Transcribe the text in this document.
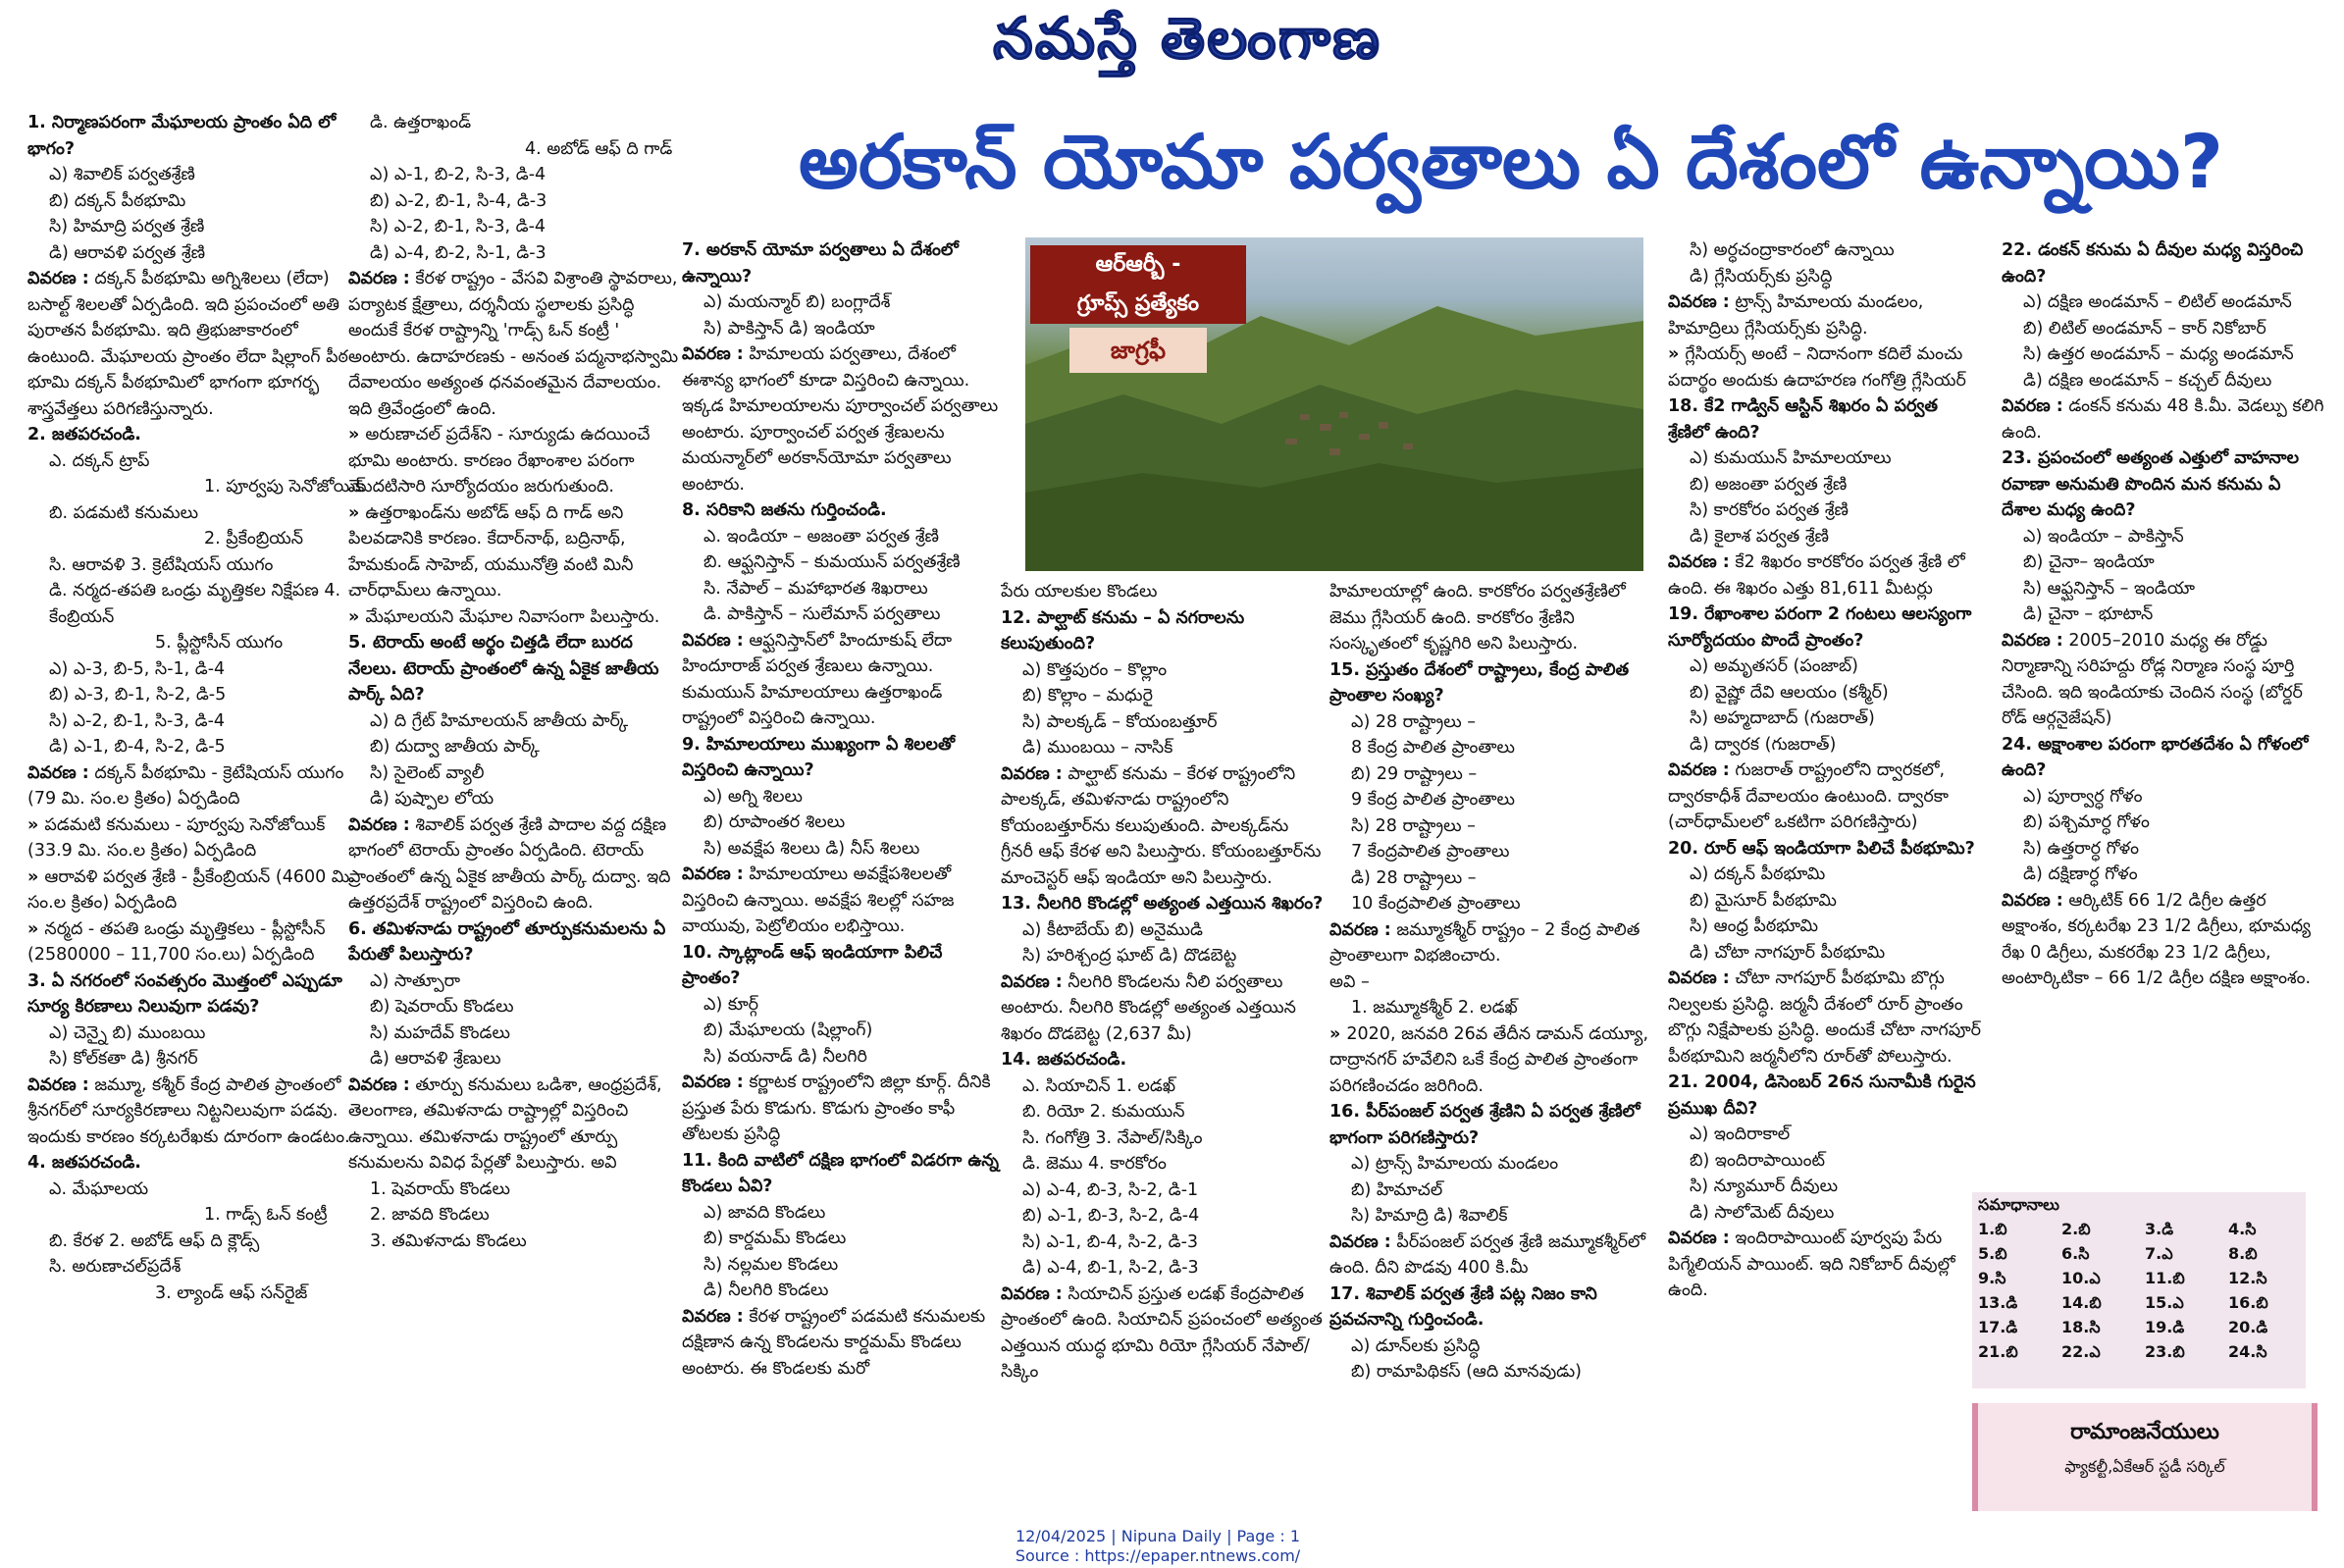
నమస్తే తెలంగాణ
అరకాన్ యోమా పర్వతాలు ఏ దేశంలో ఉన్నాయి?
ఆర్ఆర్బీ -
గ్రూప్స్ ప్రత్యేకం
జాగ్రఫీ

1. నిర్మాణపరంగా మేఘాలయ ప్రాంతం ఏది లో భాగం?

ఎ) శివాలిక్ పర్వతశ్రేణి

బి) దక్కన్ పీఠభూమి

సి) హిమాద్రి పర్వత శ్రేణి

డి) ఆరావళి పర్వత శ్రేణి

వివరణ : దక్కన్ పీఠభూమి అగ్నిశిలలు (లేదా) బసాల్ట్ శిలలతో ఏర్పడింది. ఇది ప్రపంచంలో అతి పురాతన పీఠభూమి. ఇది త్రిభుజాకారంలో ఉంటుంది. మేఘాలయ ప్రాంతం లేదా షిల్లాంగ్ పీఠ భూమి దక్కన్ పీఠభూమిలో భాగంగా భూగర్భ శాస్త్రవేత్తలు పరిగణిస్తున్నారు.

2. జతపరచండి.

ఎ. దక్కన్ ట్రాప్

1. పూర్వపు సెనోజోయిక్

బి. పడమటి కనుమలు

2. ప్రీకేంబ్రియన్

సి. ఆరావళి 3. క్రెటేషియస్ యుగం

డి. నర్మద-తపతి ఒండ్రు మృత్తికల నిక్షేపణ 4. కేంబ్రియన్

5. ప్లీస్టోసీన్ యుగం

ఎ) ఎ-3, బి-5, సి-1, డి-4

బి) ఎ-3, బి-1, సి-2, డి-5

సి) ఎ-2, బి-1, సి-3, డి-4

డి) ఎ-1, బి-4, సి-2, డి-5

వివరణ : దక్కన్ పీఠభూమి - క్రెటేషియస్ యుగం (79 మి. సం.ల క్రితం) ఏర్పడింది

» పడమటి కనుమలు - పూర్వపు సెనోజోయిక్ (33.9 మి. సం.ల క్రితం) ఏర్పడింది

» ఆరావళి పర్వత శ్రేణి - ప్రీకేంబ్రియన్ (4600 మి. సం.ల క్రితం) ఏర్పడింది

» నర్మద - తపతి ఒండ్రు మృత్తికలు - ప్లీస్టోసీన్ (2580000 – 11,700 సం.లు) ఏర్పడింది

3. ఏ నగరంలో సంవత్సరం మొత్తంలో ఎప్పుడూ సూర్య కిరణాలు నిలువుగా పడవు?

ఎ) చెన్నై బి) ముంబయి

సి) కోల్‌కతా డి) శ్రీనగర్

వివరణ : జమ్మూ, కశ్మీర్ కేంద్ర పాలిత ప్రాంతంలో శ్రీనగర్‌లో సూర్యకిరణాలు నిట్టనిలువుగా పడవు. ఇందుకు కారణం కర్కటరేఖకు దూరంగా ఉండటం.

4. జతపరచండి.

ఎ. మేఘాలయ

1. గాడ్స్ ఓన్ కంట్రీ

బి. కేరళ 2. అబోడ్ ఆఫ్ ది క్లౌడ్స్

సి. అరుణాచల్‌ప్రదేశ్

3. ల్యాండ్ ఆఫ్ సన్‌రైజ్

డి. ఉత్తరాఖండ్

4. అబోడ్ ఆఫ్ ది గాడ్

ఎ) ఎ-1, బి-2, సి-3, డి-4

బి) ఎ-2, బి-1, సి-4, డి-3

సి) ఎ-2, బి-1, సి-3, డి-4

డి) ఎ-4, బి-2, సి-1, డి-3

వివరణ : కేరళ రాష్ట్రం - వేసవి విశ్రాంతి స్థావరాలు, పర్యాటక క్షేత్రాలు, దర్శనీయ స్థలాలకు ప్రసిద్ధి అందుకే కేరళ రాష్ట్రాన్ని 'గాడ్స్ ఓన్ కంట్రీ ' అంటారు. ఉదాహరణకు - అనంత పద్మనాభస్వామి దేవాలయం అత్యంత ధనవంతమైన దేవాలయం. ఇది త్రివేండ్రంలో ఉంది.

» అరుణాచల్ ప్రదేశ్‌ని - సూర్యుడు ఉదయించే భూమి అంటారు. కారణం రేఖాంశాల పరంగా మొదటిసారి సూర్యోదయం జరుగుతుంది.

» ఉత్తరాఖండ్‌ను అబోడ్ ఆఫ్ ది గాడ్ అని పిలవడానికి కారణం. కేదార్‌నాథ్, బద్రినాథ్, హేమకుండ్ సాహెబ్, యమునోత్రి వంటి మినీ చార్‌ధామ్‌లు ఉన్నాయి.

» మేఘాలయని మేఘాల నివాసంగా పిలుస్తారు.

5. టెరాయ్ అంటే అర్థం చిత్తడి లేదా బురద నేలలు. టెరాయ్ ప్రాంతంలో ఉన్న ఏకైక జాతీయ పార్క్ ఏది?

ఎ) ది గ్రేట్ హిమాలయన్ జాతీయ పార్క్

బి) దుద్వా జాతీయ పార్క్

సి) సైలెంట్ వ్యాలీ

డి) పుష్పాల లోయ

వివరణ : శివాలిక్ పర్వత శ్రేణి పాదాల వద్ద దక్షిణ భాగంలో టెరాయ్ ప్రాంతం ఏర్పడింది. టెరాయ్ ప్రాంతంలో ఉన్న ఏకైక జాతీయ పార్క్ దుద్వా. ఇది ఉత్తరప్రదేశ్ రాష్ట్రంలో విస్తరించి ఉంది.

6. తమిళనాడు రాష్ట్రంలో తూర్పుకనుమలను ఏ పేరుతో పిలుస్తారు?

ఎ) సాత్పూరా

బి) షెవరాయ్ కొండలు

సి) మహదేవ్ కొండలు

డి) ఆరావళి శ్రేణులు

వివరణ : తూర్పు కనుమలు ఒడిశా, ఆంధ్రప్రదేశ్, తెలంగాణ, తమిళనాడు రాష్ట్రాల్లో విస్తరించి ఉన్నాయి. తమిళనాడు రాష్ట్రంలో తూర్పు కనుమలను వివిధ పేర్లతో పిలుస్తారు. అవి

1. షెవరాయ్ కొండలు

2. జావది కొండలు

3. తమిళనాడు కొండలు

7. అరకాన్ యోమా పర్వతాలు ఏ దేశంలో ఉన్నాయి?

ఎ) మయన్మార్ బి) బంగ్లాదేశ్

సి) పాకిస్తాన్ డి) ఇండియా

వివరణ : హిమాలయ పర్వతాలు, దేశంలో ఈశాన్య భాగంలో కూడా విస్తరించి ఉన్నాయి. ఇక్కడ హిమాలయాలను పూర్వాంచల్ పర్వతాలు అంటారు. పూర్వాంచల్ పర్వత శ్రేణులను మయన్మార్‌లో అరకాన్‌యోమా పర్వతాలు అంటారు.

8. సరికాని జతను గుర్తించండి.

ఎ. ఇండియా – అజంతా పర్వత శ్రేణి

బి. ఆఫ్ఘనిస్తాన్ – కుమయున్ పర్వతశ్రేణి

సి. నేపాల్ – మహాభారత శిఖరాలు

డి. పాకిస్తాన్ – సులేమాన్ పర్వతాలు

వివరణ : ఆఫ్ఘనిస్తాన్‌లో హిందూకుష్ లేదా హిందూరాజ్ పర్వత శ్రేణులు ఉన్నాయి. కుమయున్ హిమాలయాలు ఉత్తరాఖండ్ రాష్ట్రంలో విస్తరించి ఉన్నాయి.

9. హిమాలయాలు ముఖ్యంగా ఏ శిలలతో విస్తరించి ఉన్నాయి?

ఎ) అగ్ని శిలలు

బి) రూపాంతర శిలలు

సి) అవక్షేప శిలలు డి) నీస్ శిలలు

వివరణ : హిమాలయాలు అవక్షేపశిలలతో విస్తరించి ఉన్నాయి. అవక్షేప శిలల్లో సహజ వాయువు, పెట్రోలియం లభిస్తాయి.

10. స్కాట్లాండ్ ఆఫ్ ఇండియాగా పిలిచే ప్రాంతం?

ఎ) కూర్గ్

బి) మేఘాలయ (షిల్లాంగ్)

సి) వయనాడ్ డి) నీలగిరి

వివరణ : కర్ణాటక రాష్ట్రంలోని జిల్లా కూర్గ్. దీనికి ప్రస్తుత పేరు కొడుగు. కొడుగు ప్రాంతం కాఫీ తోటలకు ప్రసిద్ధి

11. కింది వాటిలో దక్షిణ భాగంలో విడరగా ఉన్న కొండలు ఏవి?

ఎ) జావది కొండలు

బి) కార్డమమ్ కొండలు

సి) నల్లమల కొండలు

డి) నీలగిరి కొండలు

వివరణ : కేరళ రాష్ట్రంలో పడమటి కనుమలకు దక్షిణాన ఉన్న కొండలను కార్డమమ్ కొండలు అంటారు. ఈ కొండలకు మరో

పేరు యాలకుల కొండలు

12. పాల్ఘాట్ కనుమ – ఏ నగరాలను కలుపుతుంది?

ఎ) కొత్తపురం – కొల్లాం

బి) కొల్లాం – మధురై

సి) పాలక్కడ్ – కోయంబత్తూర్

డి) ముంబయి – నాసిక్

వివరణ : పాల్ఘాట్ కనుమ – కేరళ రాష్ట్రంలోని పాలక్కడ్, తమిళనాడు రాష్ట్రంలోని కోయంబత్తూర్‌ను కలుపుతుంది. పాలక్కడ్‌ను గ్రీనరీ ఆఫ్ కేరళ అని పిలుస్తారు. కోయంబత్తూర్‌ను మాంచెస్టర్ ఆఫ్ ఇండియా అని పిలుస్తారు.

13. నీలగిరి కొండల్లో అత్యంత ఎత్తయిన శిఖరం?

ఎ) కీటాబేయ్ బి) అనైముడి

సి) హరిశ్చంద్ర ఘాట్ డి) దొడబెట్ట

వివరణ : నీలగిరి కొండలను నీలి పర్వతాలు అంటారు. నీలగిరి కొండల్లో అత్యంత ఎత్తయిన శిఖరం దొడబెట్ట (2,637 మీ)

14. జతపరచండి.

ఎ. సియాచిన్ 1. లడఖ్

బి. రియో 2. కుమయున్

సి. గంగోత్రి 3. నేపాల్/సిక్కిం

డి. జెము 4. కారకోరం

ఎ) ఎ-4, బి-3, సి-2, డి-1

బి) ఎ-1, బి-3, సి-2, డి-4

సి) ఎ-1, బి-4, సి-2, డి-3

డి) ఎ-4, బి-1, సి-2, డి-3

వివరణ : సియాచిన్ ప్రస్తుత లడఖ్ కేంద్రపాలిత ప్రాంతంలో ఉంది. సియాచిన్ ప్రపంచంలో అత్యంత ఎత్తయిన యుద్ధ భూమి రియో గ్లేసియర్ నేపాల్/సిక్కిం

హిమాలయాల్లో ఉంది. కారకోరం పర్వతశ్రేణిలో జెము గ్లేసియర్ ఉంది. కారకోరం శ్రేణిని సంస్కృతంలో కృష్ణగిరి అని పిలుస్తారు.

15. ప్రస్తుతం దేశంలో రాష్ట్రాలు, కేంద్ర పాలిత ప్రాంతాల సంఖ్య?

ఎ) 28 రాష్ట్రాలు –

8 కేంద్ర పాలిత ప్రాంతాలు

బి) 29 రాష్ట్రాలు –

9 కేంద్ర పాలిత ప్రాంతాలు

సి) 28 రాష్ట్రాలు –

7 కేంద్రపాలిత ప్రాంతాలు

డి) 28 రాష్ట్రాలు –

10 కేంద్రపాలిత ప్రాంతాలు

వివరణ : జమ్మూకశ్మీర్ రాష్ట్రం – 2 కేంద్ర పాలిత ప్రాంతాలుగా విభజించారు.

అవి –

1. జమ్మూకశ్మీర్ 2. లడఖ్

» 2020, జనవరి 26వ తేదీన డామన్ డయ్యూ, దాద్రానగర్ హవేలిని ఒకే కేంద్ర పాలిత ప్రాంతంగా పరిగణించడం జరిగింది.

16. పీర్‌పంజల్ పర్వత శ్రేణిని ఏ పర్వత శ్రేణిలో భాగంగా పరిగణిస్తారు?

ఎ) ట్రాన్స్ హిమాలయ మండలం

బి) హిమాచల్

సి) హిమాద్రి డి) శివాలిక్

వివరణ : పీర్‌పంజల్ పర్వత శ్రేణి జమ్మూకశ్మీర్‌లో ఉంది. దీని పొడవు 400 కి.మీ

17. శివాలిక్ పర్వత శ్రేణి పట్ల నిజం కాని ప్రవచనాన్ని గుర్తించండి.

ఎ) డూన్‌లకు ప్రసిద్ధి

బి) రామాపిథికస్ (ఆది మానవుడు)

సి) అర్ధచంద్రాకారంలో ఉన్నాయి

డి) గ్లేసియర్స్‌కు ప్రసిద్ధి

వివరణ : ట్రాన్స్ హిమాలయ మండలం, హిమాద్రిలు గ్లేసియర్స్‌కు ప్రసిద్ధి.

» గ్లేసియర్స్ అంటే – నిదానంగా కదిలే మంచు పదార్థం అందుకు ఉదాహరణ గంగోత్రి గ్లేసియర్

18. కే2 గాడ్విన్ ఆస్టిన్ శిఖరం ఏ పర్వత శ్రేణిలో ఉంది?

ఎ) కుమయున్ హిమాలయాలు

బి) అజంతా పర్వత శ్రేణి

సి) కారకోరం పర్వత శ్రేణి

డి) కైలాశ పర్వత శ్రేణి

వివరణ : కే2 శిఖరం కారకోరం పర్వత శ్రేణి లో ఉంది. ఈ శిఖరం ఎత్తు 81,611 మీటర్లు

19. రేఖాంశాల పరంగా 2 గంటలు ఆలస్యంగా సూర్యోదయం పొందే ప్రాంతం?

ఎ) అమృతసర్ (పంజాబ్)

బి) వైష్ణో దేవి ఆలయం (కశ్మీర్)

సి) అహ్మదాబాద్ (గుజరాత్)

డి) ద్వారక (గుజరాత్)

వివరణ : గుజరాత్ రాష్ట్రంలోని ద్వారకలో, ద్వారకాధీశ్ దేవాలయం ఉంటుంది. ద్వారకా (చార్‌ధామ్‌లలో ఒకటిగా పరిగణిస్తారు)

20. రూర్ ఆఫ్ ఇండియాగా పిలిచే పీఠభూమి?

ఎ) దక్కన్ పీఠభూమి

బి) మైసూర్ పీఠభూమి

సి) ఆంధ్ర పీఠభూమి

డి) చోటా నాగపూర్ పీఠభూమి

వివరణ : చోటా నాగపూర్ పీఠభూమి బొగ్గు నిల్వలకు ప్రసిద్ధి. జర్మనీ దేశంలో రూర్ ప్రాంతం బొగ్గు నిక్షేపాలకు ప్రసిద్ధి. అందుకే చోటా నాగపూర్ పీఠభూమిని జర్మనీలోని రూర్‌తో పోలుస్తారు.

21. 2004, డిసెంబర్ 26న సునామీకి గురైన ప్రముఖ దీవి?

ఎ) ఇందిరాకాల్

బి) ఇందిరాపాయింట్

సి) న్యూమూర్ దీవులు

డి) సాలోమెట్ దీవులు

వివరణ : ఇందిరాపాయింట్ పూర్వపు పేరు పిగ్మేలియన్ పాయింట్. ఇది నికోబార్ దీవుల్లో ఉంది.

22. డంకన్ కనుమ ఏ దీవుల మధ్య విస్తరించి ఉంది?

ఎ) దక్షిణ అండమాన్ – లిటిల్ అండమాన్

బి) లిటిల్ అండమాన్ – కార్ నికోబార్

సి) ఉత్తర అండమాన్ – మధ్య అండమాన్

డి) దక్షిణ అండమాన్ – కచ్చల్ దీవులు

వివరణ : డంకన్ కనుమ 48 కి.మీ. వెడల్పు కలిగి ఉంది.

23. ప్రపంచంలో అత్యంత ఎత్తులో వాహనాల రవాణా అనుమతి పొందిన మన కనుమ ఏ దేశాల మధ్య ఉంది?

ఎ) ఇండియా – పాకిస్తాన్

బి) చైనా– ఇండియా

సి) ఆఫ్ఘనిస్తాన్ – ఇండియా

డి) చైనా – భూటాన్

వివరణ : 2005–2010 మధ్య ఈ రోడ్డు నిర్మాణాన్ని సరిహద్దు రోడ్ల నిర్మాణ సంస్థ పూర్తి చేసింది. ఇది ఇండియాకు చెందిన సంస్థ (బోర్డర్ రోడ్ ఆర్గనైజేషన్)

24. అక్షాంశాల పరంగా భారతదేశం ఏ గోళంలో ఉంది?

ఎ) పూర్వార్ధ గోళం

బి) పశ్చిమార్ధ గోళం

సి) ఉత్తరార్ధ గోళం

డి) దక్షిణార్ధ గోళం

వివరణ : ఆర్కిటిక్ 66 1/2 డిగ్రీల ఉత్తర అక్షాంశం, కర్కటరేఖ 23 1/2 డిగ్రీలు, భూమధ్య రేఖ 0 డిగ్రీలు, మకరరేఖ 23 1/2 డిగ్రీలు, అంటార్కిటికా – 66 1/2 డిగ్రీల దక్షిణ అక్షాంశం.

సమాధానాలు
1.బి	2.బి	3.డి	4.సి
5.బి	6.సి	7.ఎ	8.బి
9.సి	10.ఎ	11.బి	12.సి
13.డి	14.బి	15.ఎ	16.బి
17.డి	18.సి	19.డి	20.డి
21.బి	22.ఎ	23.బి	24.సి
రామాంజనేయులు
ఫ్యాకల్టీ,ఏకేఆర్ స్టడీ సర్కిల్
12/04/2025 | Nipuna Daily | Page : 1
Source : https://epaper.ntnews.com/
